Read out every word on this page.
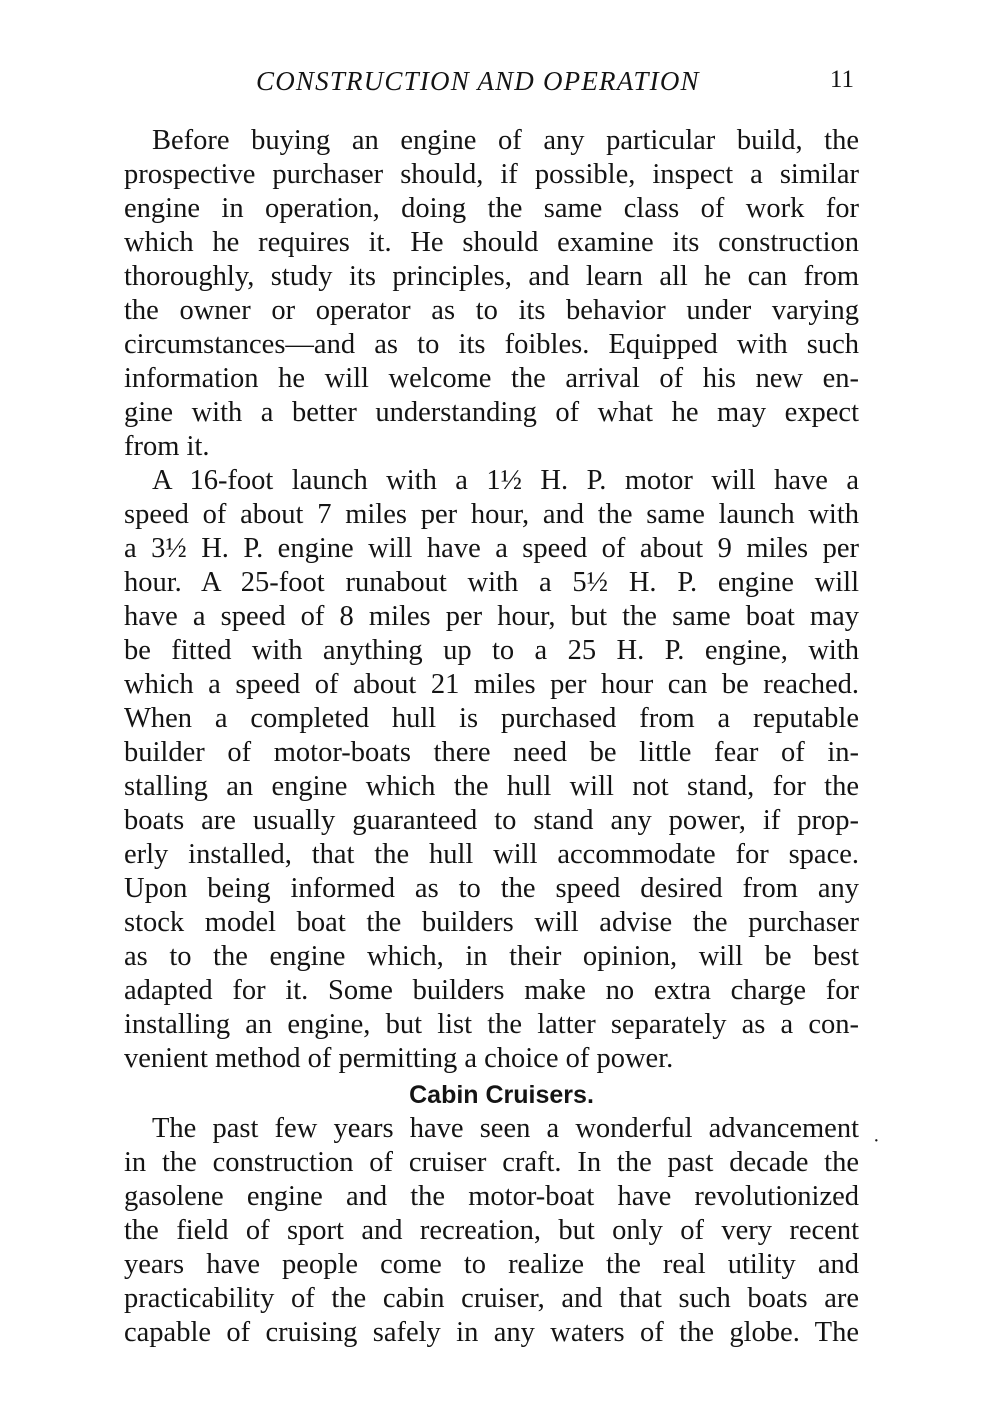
CONSTRUCTION AND OPERATION	11
Before buying an engine of any particular build, the
prospective purchaser should, if possible, inspect a similar
engine in operation, doing the same class of work for
which he requires it. He should examine its construction
thoroughly, study its principles, and learn all he can from
the owner or operator as to its behavior under varying
circumstances—and as to its foibles. Equipped with such
information he will welcome the arrival of his new en-
gine with a better understanding of what he may expect
from it.
A 16-foot launch with a 1½ H. P. motor will have a
speed of about 7 miles per hour, and the same launch with
a 3½ H. P. engine will have a speed of about 9 miles per
hour. A 25-foot runabout with a 5½ H. P. engine will
have a speed of 8 miles per hour, but the same boat may
be fitted with anything up to a 25 H. P. engine, with
which a speed of about 21 miles per hour can be reached.
When a completed hull is purchased from a reputable
builder of motor-boats there need be little fear of in-
stalling an engine which the hull will not stand, for the
boats are usually guaranteed to stand any power, if prop-
erly installed, that the hull will accommodate for space.
Upon being informed as to the speed desired from any
stock model boat the builders will advise the purchaser
as to the engine which, in their opinion, will be best
adapted for it. Some builders make no extra charge for
installing an engine, but list the latter separately as a con-
venient method of permitting a choice of power.
Cabin Cruisers.
The past few years have seen a wonderful advancement
in the construction of cruiser craft. In the past decade the
gasolene engine and the motor-boat have revolutionized
the field of sport and recreation, but only of very recent
years have people come to realize the real utility and
practicability of the cabin cruiser, and that such boats are
capable of cruising safely in any waters of the globe. The
·
